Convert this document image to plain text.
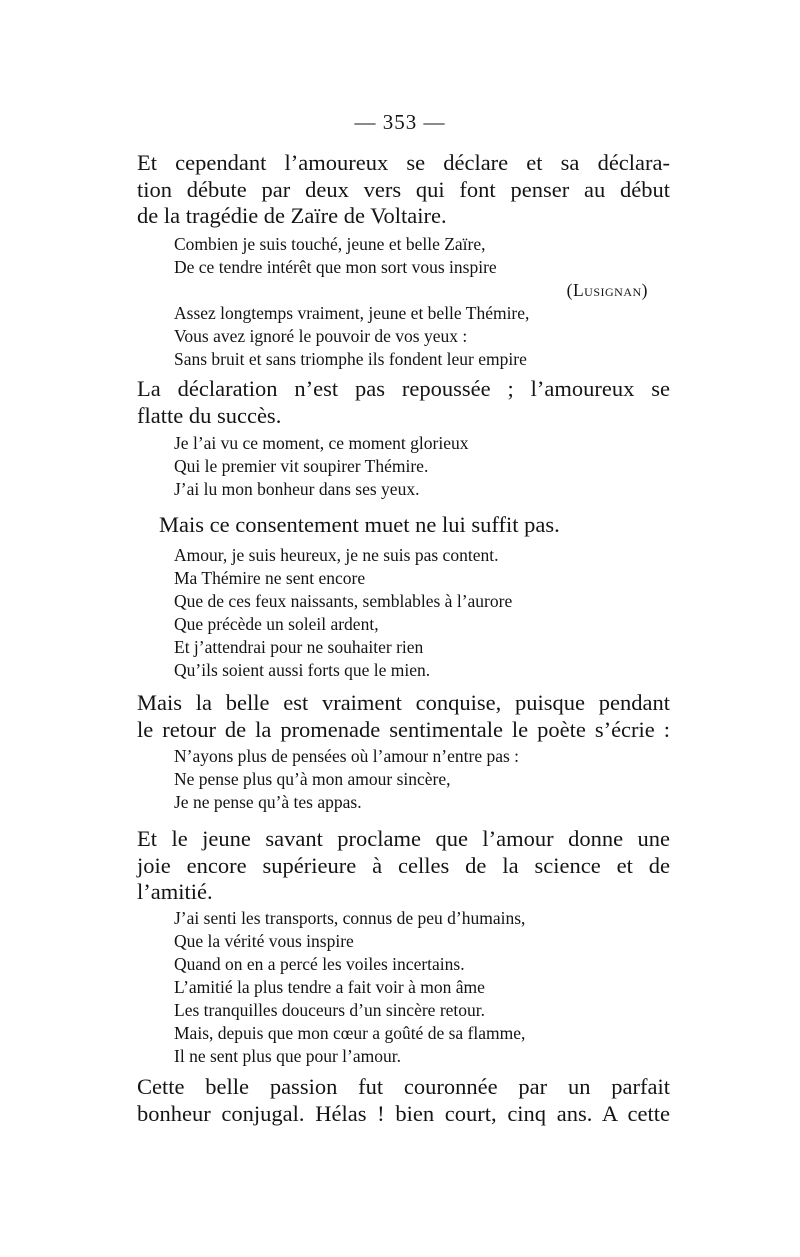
— 353 —
Et cependant l’amoureux se déclare et sa déclara-
tion débute par deux vers qui font penser au début
de la tragédie de Zaïre de Voltaire.
Combien je suis touché, jeune et belle Zaïre,
De ce tendre intérêt que mon sort vous inspire
(Lusignan)
Assez longtemps vraiment, jeune et belle Thémire,
Vous avez ignoré le pouvoir de vos yeux :
Sans bruit et sans triomphe ils fondent leur empire
La déclaration n’est pas repoussée ; l’amoureux se
flatte du succès.
Je l’ai vu ce moment, ce moment glorieux
Qui le premier vit soupirer Thémire.
J’ai lu mon bonheur dans ses yeux.
Mais ce consentement muet ne lui suffit pas.
Amour, je suis heureux, je ne suis pas content.
Ma Thémire ne sent encore
Que de ces feux naissants, semblables à l’aurore
Que précède un soleil ardent,
Et j’attendrai pour ne souhaiter rien
Qu’ils soient aussi forts que le mien.
Mais la belle est vraiment conquise, puisque pendant
le retour de la promenade sentimentale le poète s’écrie :
N’ayons plus de pensées où l’amour n’entre pas :
Ne pense plus qu’à mon amour sincère,
Je ne pense qu’à tes appas.
Et le jeune savant proclame que l’amour donne une
joie encore supérieure à celles de la science et de
l’amitié.
J’ai senti les transports, connus de peu d’humains,
Que la vérité vous inspire
Quand on en a percé les voiles incertains.
L’amitié la plus tendre a fait voir à mon âme
Les tranquilles douceurs d’un sincère retour.
Mais, depuis que mon cœur a goûté de sa flamme,
Il ne sent plus que pour l’amour.
Cette belle passion fut couronnée par un parfait
bonheur conjugal. Hélas ! bien court, cinq ans. A cette
